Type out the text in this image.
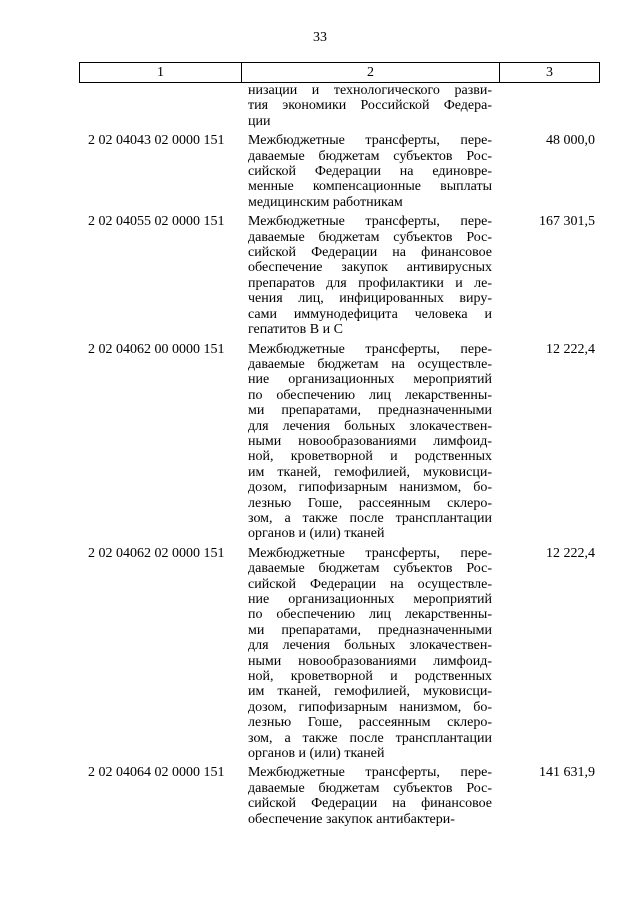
33
1	2	3
низации и технологического разви-
тия экономики Российской Федера-
ции
2 02 04043 02 0000 151	Межбюджетные трансферты, пере-
даваемые бюджетам субъектов Рос-
сийской Федерации на единовре-
менные компенсационные выплаты
медицинским работникам
48 000,0
2 02 04055 02 0000 151	Межбюджетные трансферты, пере-
даваемые бюджетам субъектов Рос-
сийской Федерации на финансовое
обеспечение закупок антивирусных
препаратов для профилактики и ле-
чения лиц, инфицированных виру-
сами иммунодефицита человека и
гепатитов В и С
167 301,5
2 02 04062 00 0000 151	Межбюджетные трансферты, пере-
даваемые бюджетам на осуществле-
ние организационных мероприятий
по обеспечению лиц лекарственны-
ми препаратами, предназначенными
для лечения больных злокачествен-
ными новообразованиями лимфоид-
ной, кроветворной и родственных
им тканей, гемофилией, муковисци-
дозом, гипофизарным нанизмом, бо-
лезнью Гоше, рассеянным склеро-
зом, а также после трансплантации
органов и (или) тканей
12 222,4
2 02 04062 02 0000 151	Межбюджетные трансферты, пере-
даваемые бюджетам субъектов Рос-
сийской Федерации на осуществле-
ние организационных мероприятий
по обеспечению лиц лекарственны-
ми препаратами, предназначенными
для лечения больных злокачествен-
ными новообразованиями лимфоид-
ной, кроветворной и родственных
им тканей, гемофилией, муковисци-
дозом, гипофизарным нанизмом, бо-
лезнью Гоше, рассеянным склеро-
зом, а также после трансплантации
органов и (или) тканей
12 222,4
2 02 04064 02 0000 151	Межбюджетные трансферты, пере-
даваемые бюджетам субъектов Рос-
сийской Федерации на финансовое
обеспечение закупок антибактери-
141 631,9
